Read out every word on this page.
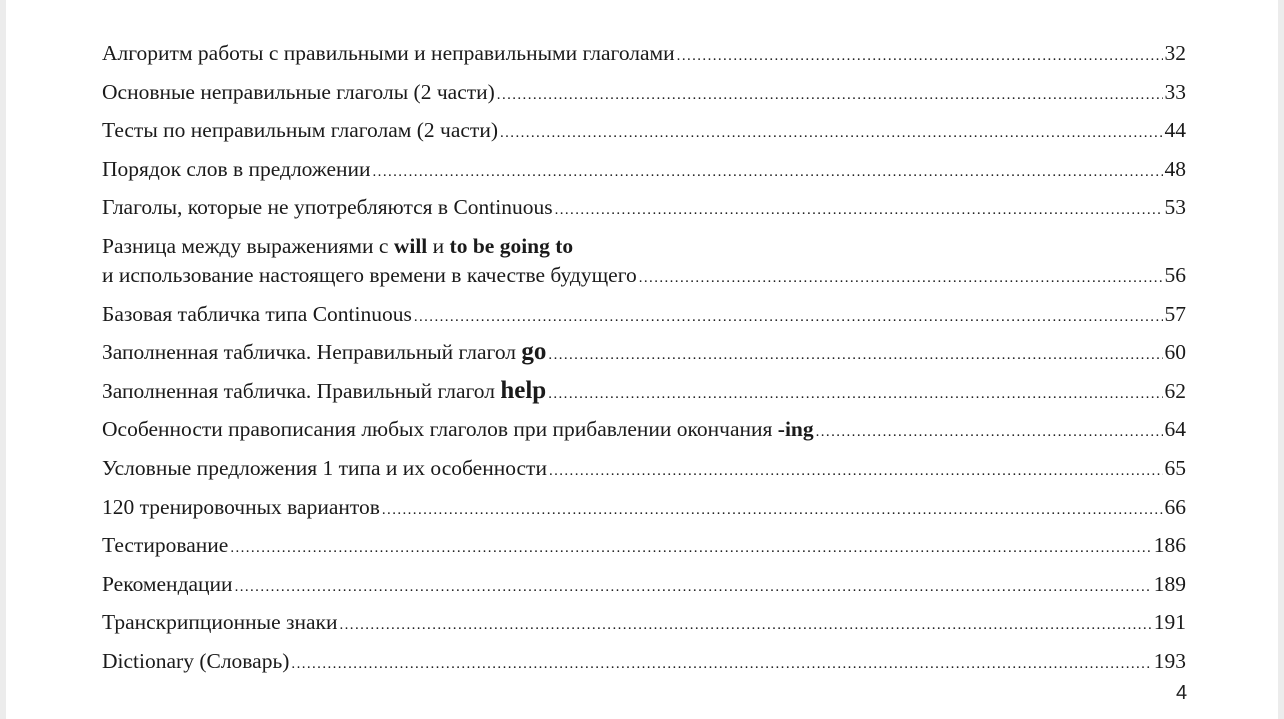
Алгоритм работы с правильными и неправильными глаголами .....	32
Основные неправильные глаголы (2 части) .....	33
Тесты по неправильным глаголам (2 части) .....	44
Порядок слов в предложении .....	48
Глаголы, которые не употребляются в Continuous .....	53
Разница между выражениями с will и to be going to
и использование настоящего времени в качестве будущего .....	56
Базовая табличка типа Continuous .....	57
Заполненная табличка. Неправильный глагол go .....	60
Заполненная табличка. Правильный глагол help .....	62
Особенности правописания любых глаголов при прибавлении окончания -ing .....	64
Условные предложения 1 типа и их особенности .....	65
120 тренировочных вариантов .....	66
Тестирование .....	186
Рекомендации .....	189
Транскрипционные знаки .....	191
Dictionary (Словарь) .....	193
4
